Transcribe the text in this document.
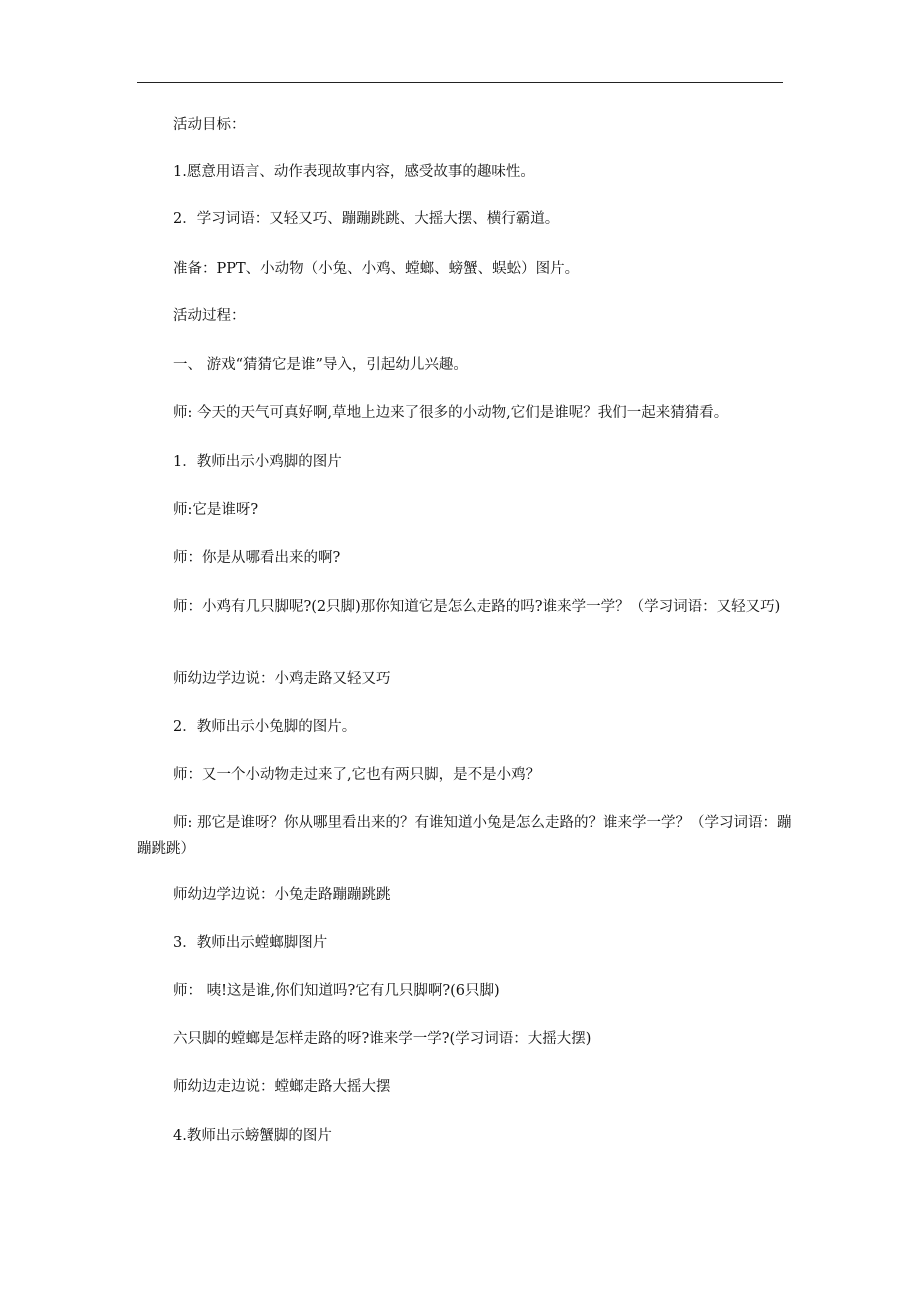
活动目标：

1.愿意用语言、动作表现故事内容，感受故事的趣味性。

2．学习词语：又轻又巧、蹦蹦跳跳、大摇大摆、横行霸道。

准备：PPT、小动物（小兔、小鸡、螳螂、螃蟹、蜈蚣）图片。

活动过程：

一、 游戏“猜猜它是谁”导入，引起幼儿兴趣。

师: 今天的天气可真好啊,草地上边来了很多的小动物,它们是谁呢？我们一起来猜猜看。

1．教师出示小鸡脚的图片

师:它是谁呀?

师：你是从哪看出来的啊?

师：小鸡有几只脚呢?(2只脚)那你知道它是怎么走路的吗?谁来学一学？（学习词语：又轻又巧)

师幼边学边说：小鸡走路又轻又巧

2．教师出示小兔脚的图片。

师：又一个小动物走过来了,它也有两只脚，是不是小鸡？

师: 那它是谁呀？你从哪里看出来的？有谁知道小兔是怎么走路的？谁来学一学？（学习词语：蹦蹦跳跳）

师幼边学边说：小兔走路蹦蹦跳跳

3．教师出示螳螂脚图片

师： 咦!这是谁,你们知道吗?它有几只脚啊?(6只脚)

六只脚的螳螂是怎样走路的呀?谁来学一学?(学习词语：大摇大摆)

师幼边走边说：螳螂走路大摇大摆

4.教师出示螃蟹脚的图片
